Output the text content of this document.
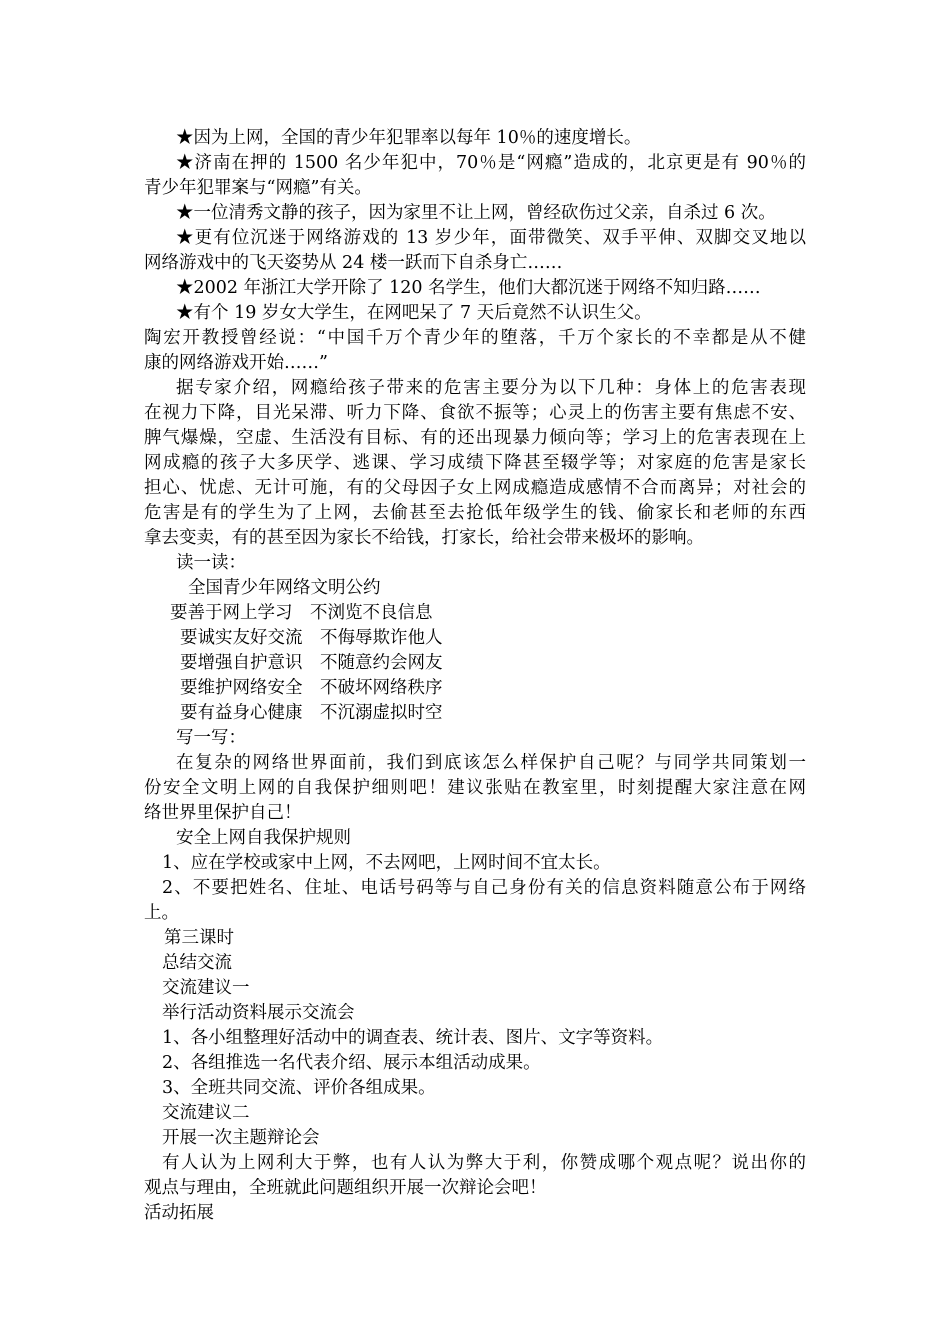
★因为上网，全国的青少年犯罪率以每年 10％的速度增长。
★济南在押的 1500 名少年犯中，70％是“网瘾”造成的，北京更是有 90％的
青少年犯罪案与“网瘾”有关。
★一位清秀文静的孩子，因为家里不让上网，曾经砍伤过父亲，自杀过 6 次。
★更有位沉迷于网络游戏的 13 岁少年，面带微笑、双手平伸、双脚交叉地以
网络游戏中的飞天姿势从 24 楼一跃而下自杀身亡……
★2002 年浙江大学开除了 120 名学生，他们大都沉迷于网络不知归路……
★有个 19 岁女大学生，在网吧呆了 7 天后竟然不认识生父。
陶宏开教授曾经说：“中国千万个青少年的堕落，千万个家长的不幸都是从不健
康的网络游戏开始……”
据专家介绍，网瘾给孩子带来的危害主要分为以下几种：身体上的危害表现
在视力下降，目光呆滞、听力下降、食欲不振等；心灵上的伤害主要有焦虑不安、
脾气爆燥，空虚、生活没有目标、有的还出现暴力倾向等；学习上的危害表现在上
网成瘾的孩子大多厌学、逃课、学习成绩下降甚至辍学等；对家庭的危害是家长
担心、忧虑、无计可施，有的父母因子女上网成瘾造成感情不合而离异；对社会的
危害是有的学生为了上网，去偷甚至去抢低年级学生的钱、偷家长和老师的东西
拿去变卖，有的甚至因为家长不给钱，打家长，给社会带来极坏的影响。
读一读：
全国青少年网络文明公约
要善于网上学习　不浏览不良信息
要诚实友好交流　不侮辱欺诈他人
要增强自护意识　不随意约会网友
要维护网络安全　不破坏网络秩序
要有益身心健康　不沉溺虚拟时空
写一写：
在复杂的网络世界面前，我们到底该怎么样保护自己呢？与同学共同策划一
份安全文明上网的自我保护细则吧！建议张贴在教室里，时刻提醒大家注意在网
络世界里保护自己！
安全上网自我保护规则
1、应在学校或家中上网，不去网吧，上网时间不宜太长。
2、不要把姓名、住址、电话号码等与自己身份有关的信息资料随意公布于网络
上。
第三课时
总结交流
交流建议一
举行活动资料展示交流会
1、各小组整理好活动中的调查表、统计表、图片、文字等资料。
2、各组推选一名代表介绍、展示本组活动成果。
3、全班共同交流、评价各组成果。
交流建议二
开展一次主题辩论会
有人认为上网利大于弊，也有人认为弊大于利，你赞成哪个观点呢？说出你的
观点与理由，全班就此问题组织开展一次辩论会吧！
活动拓展
